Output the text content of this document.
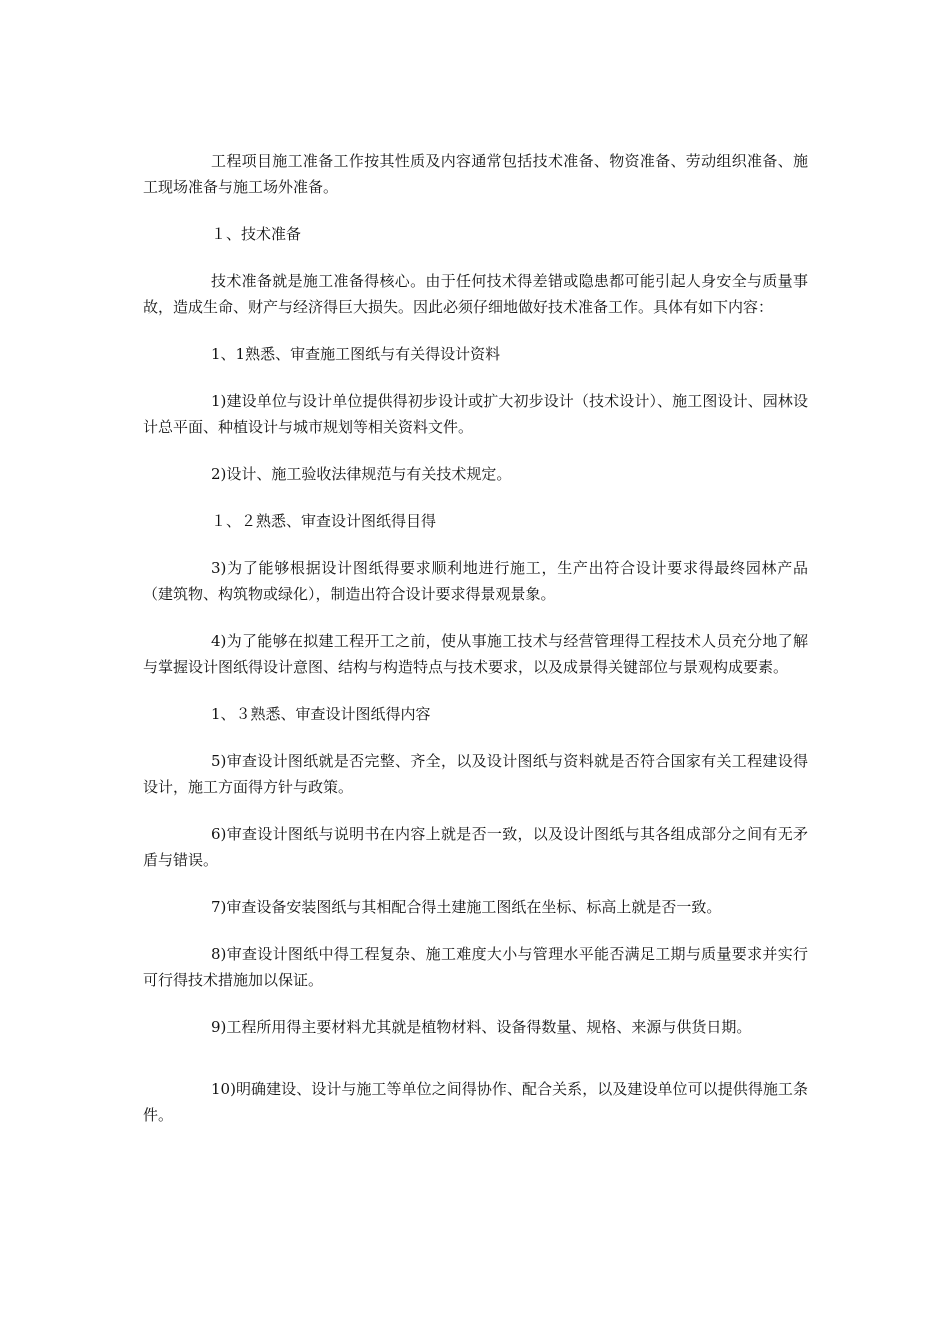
工程项目施工准备工作按其性质及内容通常包括技术准备、物资准备、劳动组织准备、施工现场准备与施工场外准备。

１、技术准备

技术准备就是施工准备得核心。由于任何技术得差错或隐患都可能引起人身安全与质量事故，造成生命、财产与经济得巨大损失。因此必须仔细地做好技术准备工作。具体有如下内容：

1、1熟悉、审查施工图纸与有关得设计资料

1)建设单位与设计单位提供得初步设计或扩大初步设计（技术设计）、施工图设计、园林设计总平面、种植设计与城市规划等相关资料文件。

2)设计、施工验收法律规范与有关技术规定。

１、２熟悉、审查设计图纸得目得

3)为了能够根据设计图纸得要求顺利地进行施工，生产出符合设计要求得最终园林产品（建筑物、构筑物或绿化），制造出符合设计要求得景观景象。

4)为了能够在拟建工程开工之前，使从事施工技术与经营管理得工程技术人员充分地了解与掌握设计图纸得设计意图、结构与构造特点与技术要求，以及成景得关键部位与景观构成要素。

1、３熟悉、审查设计图纸得内容

5)审查设计图纸就是否完整、齐全，以及设计图纸与资料就是否符合国家有关工程建设得设计，施工方面得方针与政策。

6)审查设计图纸与说明书在内容上就是否一致，以及设计图纸与其各组成部分之间有无矛盾与错误。

7)审查设备安装图纸与其相配合得土建施工图纸在坐标、标高上就是否一致。

8)审查设计图纸中得工程复杂、施工难度大小与管理水平能否满足工期与质量要求并实行可行得技术措施加以保证。

9)工程所用得主要材料尤其就是植物材料、设备得数量、规格、来源与供货日期。

10)明确建设、设计与施工等单位之间得协作、配合关系，以及建设单位可以提供得施工条件。
